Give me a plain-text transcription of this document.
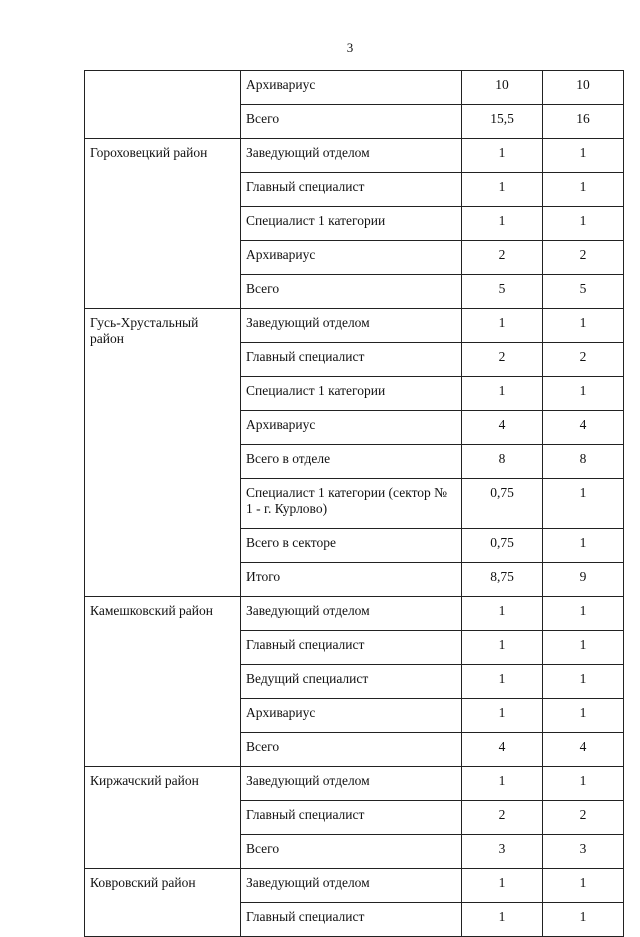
3
	Архивариус	10	10
	Всего	15,5	16
Гороховецкий район	Заведующий отделом	1	1
	Главный специалист	1	1
	Специалист 1 категории	1	1
	Архивариус	2	2
	Всего	5	5
Гусь-Хрустальный район	Заведующий отделом	1	1
	Главный специалист	2	2
	Специалист 1 категории	1	1
	Архивариус	4	4
	Всего в отделе	8	8
	Специалист 1 категории (сектор № 1 - г. Курлово)	0,75	1
	Всего в секторе	0,75	1
	Итого	8,75	9
Камешковский район	Заведующий отделом	1	1
	Главный специалист	1	1
	Ведущий специалист	1	1
	Архивариус	1	1
	Всего	4	4
Киржачский район	Заведующий отделом	1	1
	Главный специалист	2	2
	Всего	3	3
Ковровский район	Заведующий отделом	1	1
	Главный специалист	1	1
